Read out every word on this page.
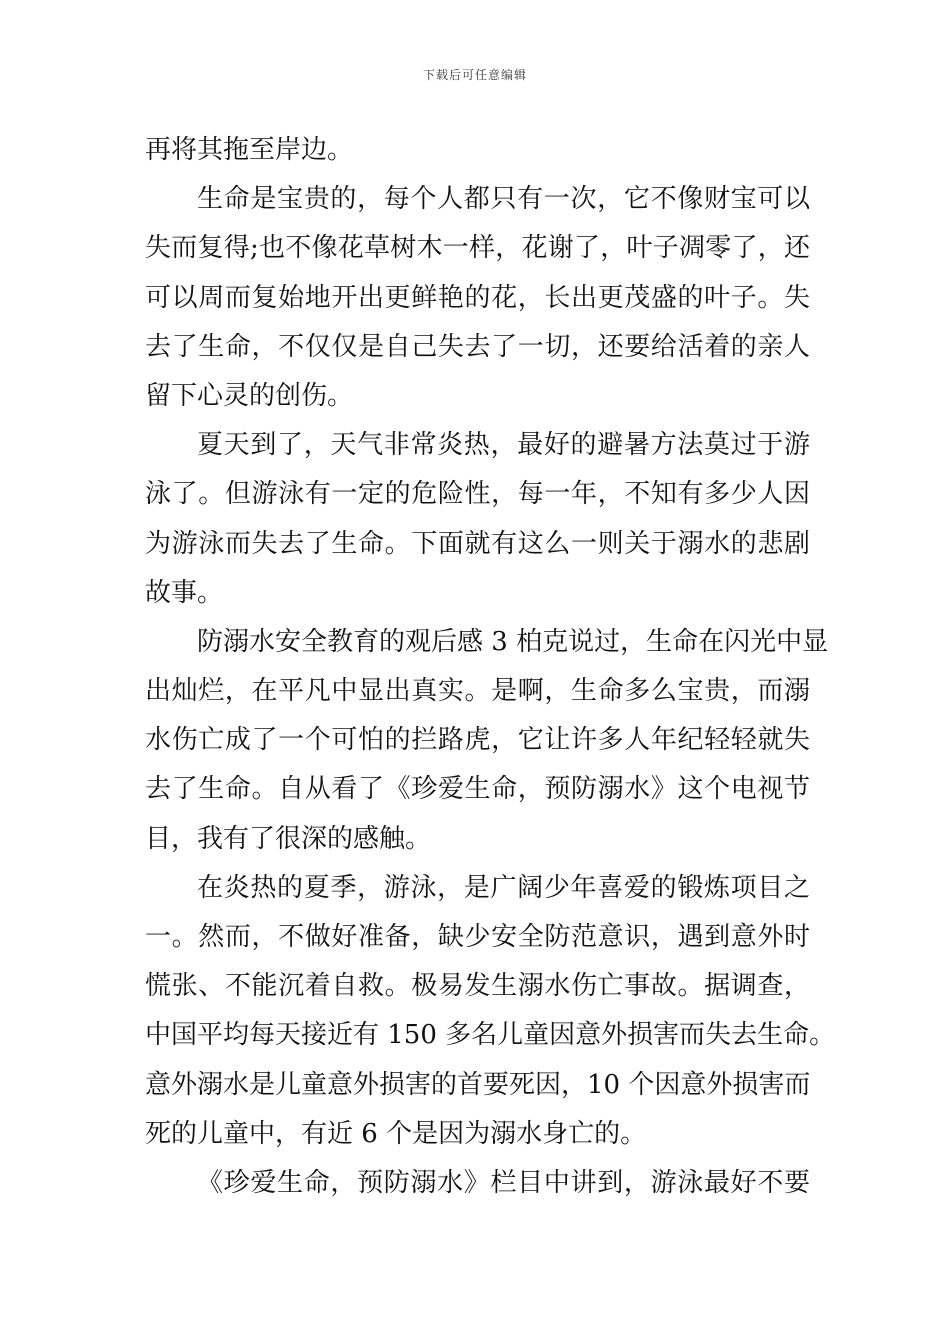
下载后可任意编辑
再将其拖至岸边。
生命是宝贵的，每个人都只有一次，它不像财宝可以
失而复得;也不像花草树木一样，花谢了，叶子凋零了，还
可以周而复始地开出更鲜艳的花，长出更茂盛的叶子。失
去了生命，不仅仅是自己失去了一切，还要给活着的亲人
留下心灵的创伤。
夏天到了，天气非常炎热，最好的避暑方法莫过于游
泳了。但游泳有一定的危险性，每一年，不知有多少人因
为游泳而失去了生命。下面就有这么一则关于溺水的悲剧
故事。
防溺水安全教育的观后感 3 柏克说过，生命在闪光中显
出灿烂，在平凡中显出真实。是啊，生命多么宝贵，而溺
水伤亡成了一个可怕的拦路虎，它让许多人年纪轻轻就失
去了生命。自从看了《珍爱生命，预防溺水》这个电视节
目，我有了很深的感触。
在炎热的夏季，游泳，是广阔少年喜爱的锻炼项目之
一。然而，不做好准备，缺少安全防范意识，遇到意外时
慌张、不能沉着自救。极易发生溺水伤亡事故。据调查，
中国平均每天接近有 150 多名儿童因意外损害而失去生命。
意外溺水是儿童意外损害的首要死因，10 个因意外损害而
死的儿童中，有近 6 个是因为溺水身亡的。
《珍爱生命，预防溺水》栏目中讲到，游泳最好不要
